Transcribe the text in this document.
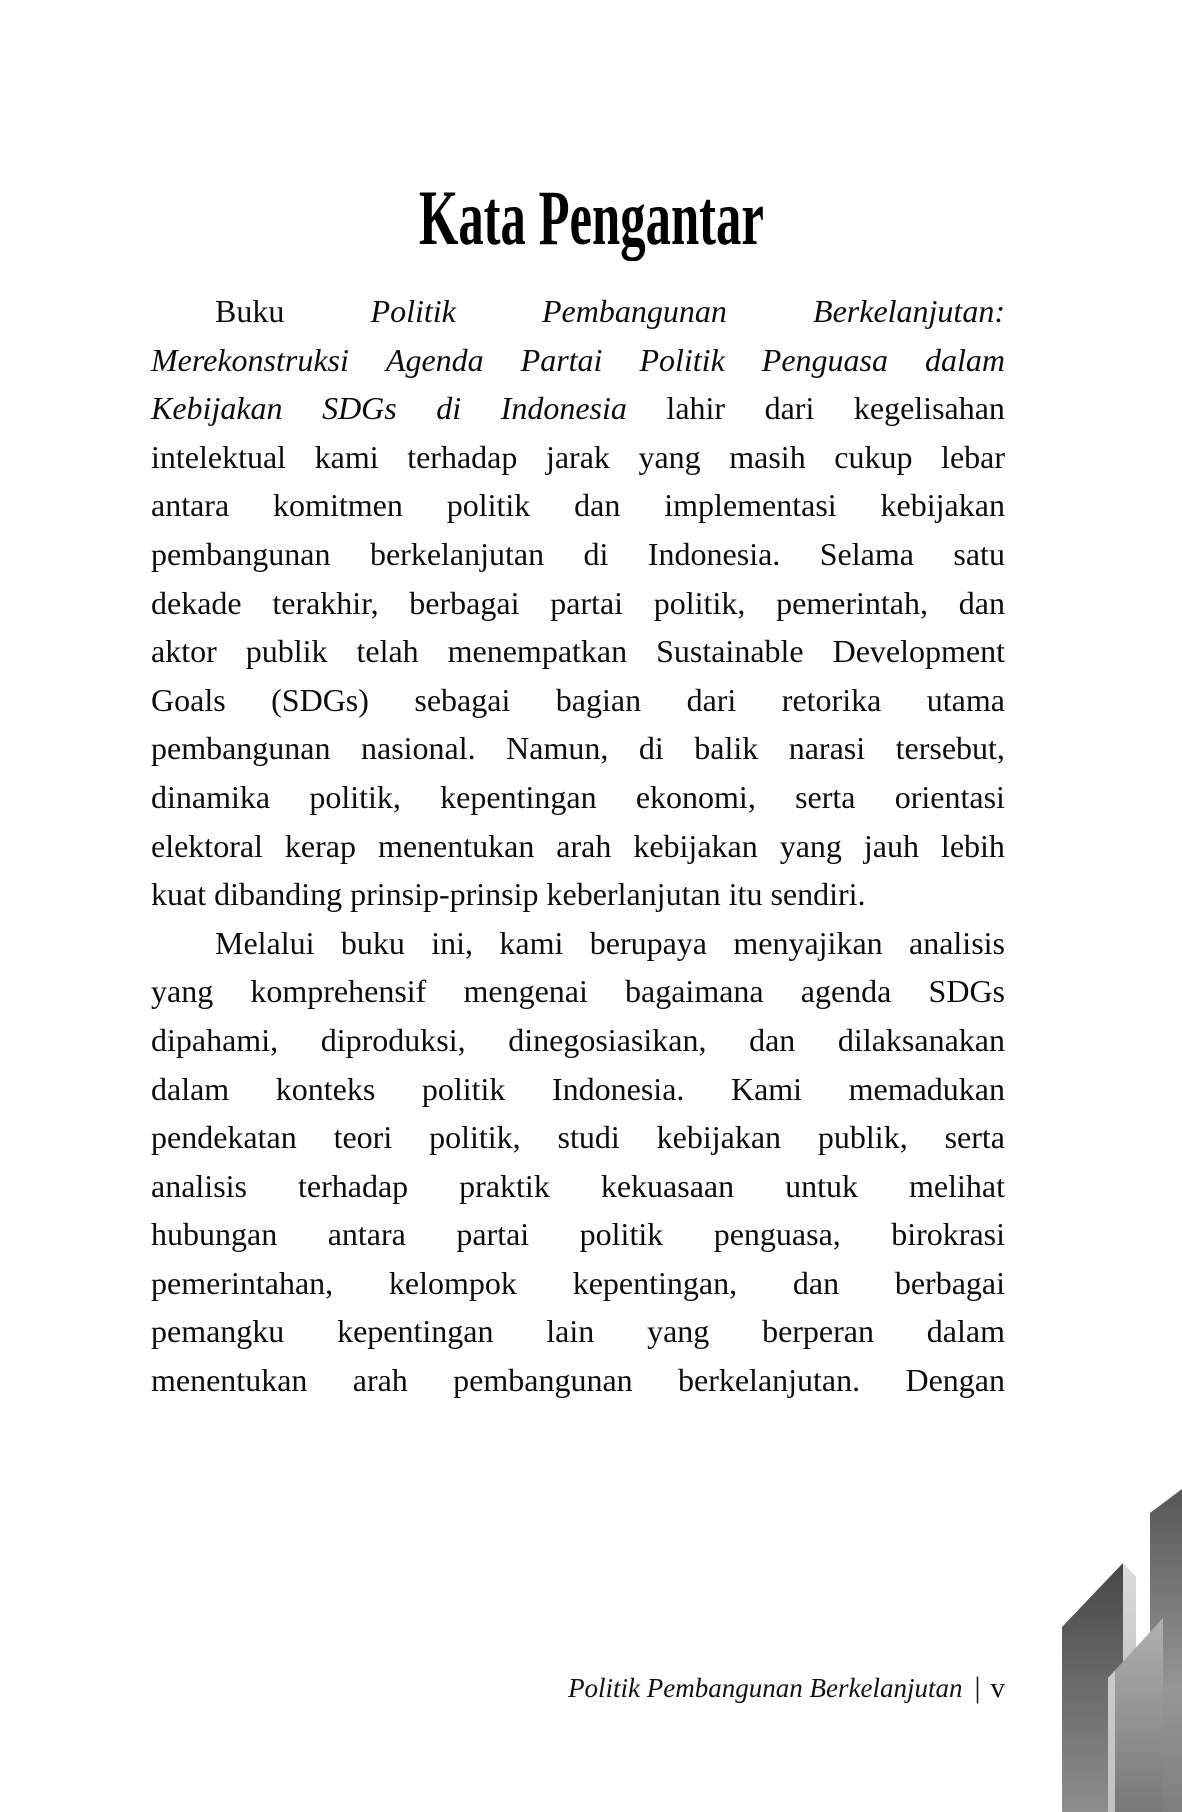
Kata Pengantar
Buku	Politik	Pembangunan	Berkelanjutan:
Merekonstruksi Agenda Partai Politik Penguasa dalam
Kebijakan SDGs di Indonesia lahir dari kegelisahan
intelektual kami terhadap jarak yang masih cukup lebar
antara komitmen politik dan implementasi kebijakan
pembangunan berkelanjutan di Indonesia. Selama satu
dekade terakhir, berbagai partai politik, pemerintah, dan
aktor publik telah menempatkan Sustainable Development
Goals (SDGs) sebagai bagian dari retorika utama
pembangunan nasional. Namun, di balik narasi tersebut,
dinamika politik, kepentingan ekonomi, serta orientasi
elektoral kerap menentukan arah kebijakan yang jauh lebih
kuat dibanding prinsip-prinsip keberlanjutan itu sendiri.
Melalui buku ini, kami berupaya menyajikan analisis
yang komprehensif mengenai bagaimana agenda SDGs
dipahami, diproduksi, dinegosiasikan, dan dilaksanakan
dalam konteks politik Indonesia. Kami memadukan
pendekatan teori politik, studi kebijakan publik, serta
analisis terhadap praktik kekuasaan untuk melihat
hubungan antara partai politik penguasa, birokrasi
pemerintahan, kelompok kepentingan, dan berbagai
pemangku kepentingan lain yang berperan dalam
menentukan arah pembangunan berkelanjutan. Dengan
Politik Pembangunan Berkelanjutan | v
